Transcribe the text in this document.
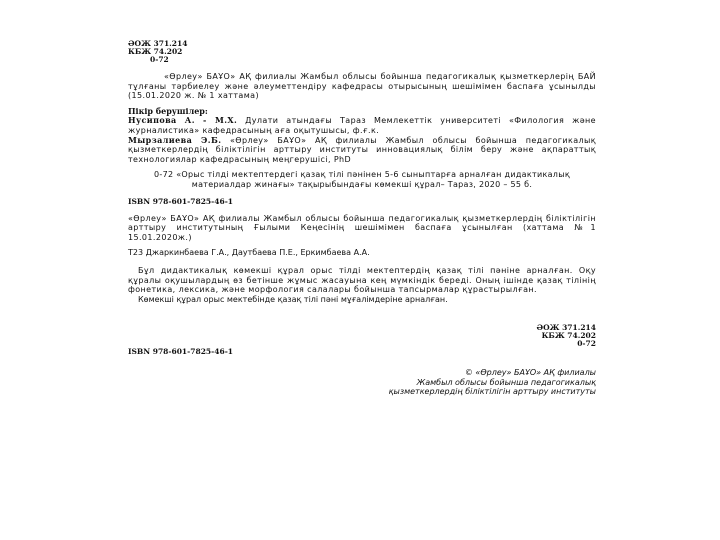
ӘОЖ 371.214
КБЖ 74.202
0-72
«Өрлеу» БАҰО» АҚ филиалы Жамбыл облысы бойынша педагогикалық қызметкерлерің БАЙ тұлғаны тәрбиелеу және әлеуметтендіру кафедрасы отырысының шешімімен баспаға ұсынылды (15.01.2020 ж. № 1 хаттама)
Пікір берушілер:
Нусипова А. - М.Х. Дулати атындағы Тараз Мемлекеттік университеті «Филология және журналистика» кафедрасының аға оқытушысы, ф.ғ.к.
Мырзалиева Э.Б. «Өрлеу» БАҰО» АҚ филиалы Жамбыл облысы бойынша педагогикалық қызметкерлердің біліктілігін арттыру институты инновациялық білім беру және ақпараттық технологиялар кафедрасының меңгерушісі, PhD
0-72 «Орыс тілді мектептердегі қазақ тілі пәнінен 5-6 сыныптарға арналған дидактикалық материалдар жинағы» тақырыбындағы көмекші құрал– Тараз, 2020 – 55 б.
ISBN 978-601-7825-46-1
«Өрлеу» БАҰО» АҚ филиалы Жамбыл облысы бойынша педагогикалық қызметкерлердің біліктілігін арттыру институтының Ғылыми Кеңесінің шешімімен баспаға ұсынылған (хаттама №1 15.01.2020ж.)
Т23 Джаркинбаева Г.А., Даутбаева П.Е., Еркимбаева А.А.
Бұл дидактикалық көмекші құрал орыс тілді мектептердің қазақ тілі пәніне арналған. Оқу құралы оқушылардың өз бетінше жұмыс жасауына кең мүмкіндік береді. Оның ішінде қазақ тілінің фонетика, лексика, және морфология салалары бойынша тапсырмалар құрастырылған.
Көмекші құрал орыс мектебінде қазақ тілі пәні мұғалімдеріне арналған.
ӘОЖ 371.214
КБЖ 74.202
0-72
ISBN 978-601-7825-46-1
© «Өрлеу» БАҰО» АҚ филиалы
Жамбыл облысы бойынша педагогикалық
қызметкерлердің біліктілігін арттыру институты
